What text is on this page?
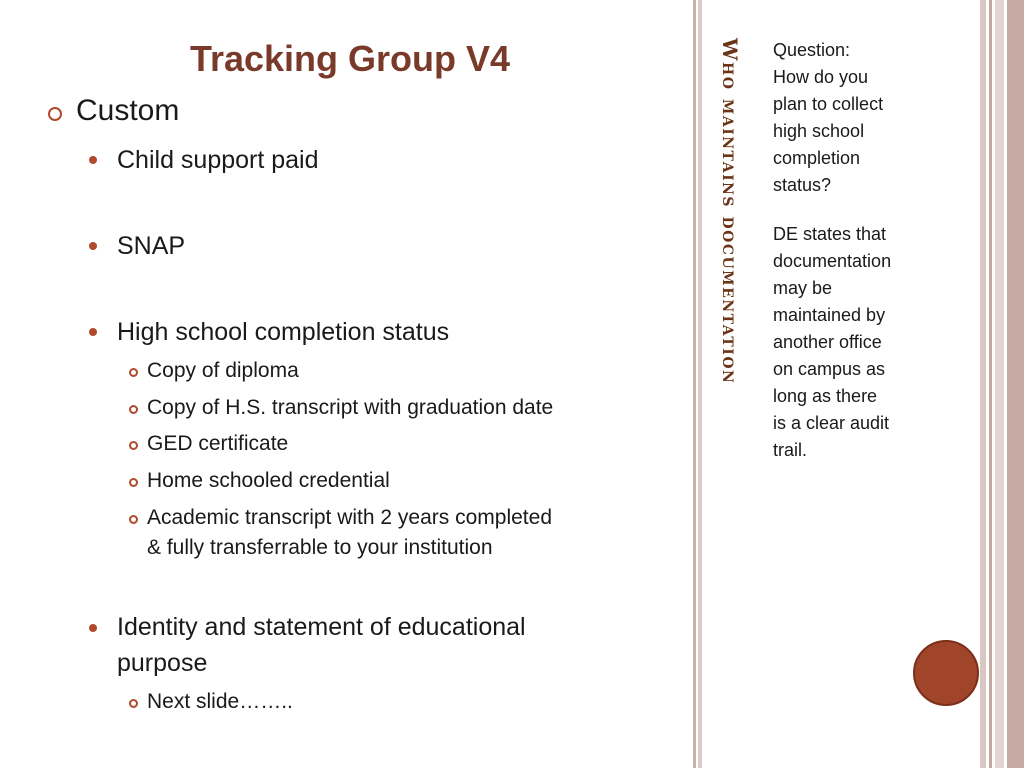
Tracking Group V4
Custom
Child support paid
SNAP
High school completion status
Copy of diploma
Copy of H.S. transcript with graduation date
GED certificate
Home schooled credential
Academic transcript with 2 years completed
& fully transferrable to your institution
Identity and statement of educational
purpose
Next slide……..
Who maintains documentation Question:
How do you
plan to collect
high school
completion
status?
DE states that
documentation
may be
maintained by
another office
on campus as
long as there
is a clear audit
trail.
